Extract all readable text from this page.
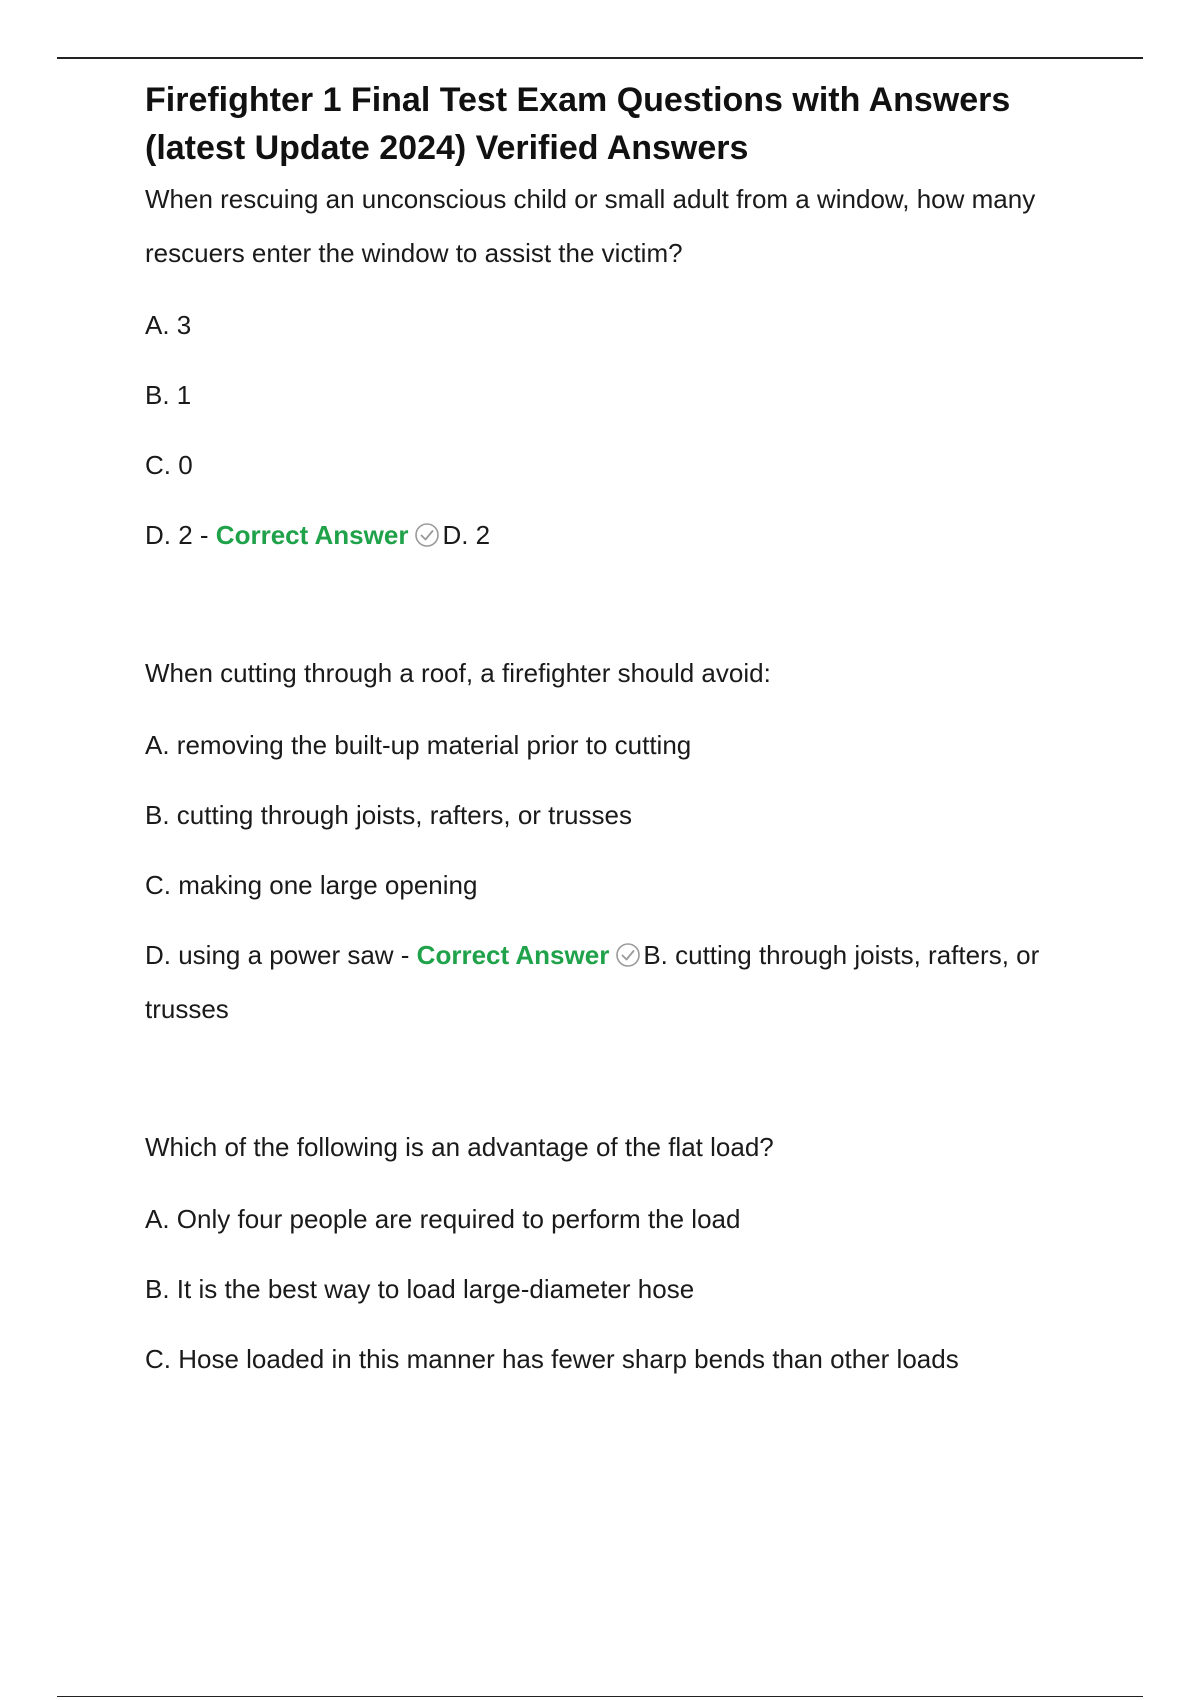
Firefighter 1 Final Test Exam Questions with Answers (latest Update 2024) Verified Answers

When rescuing an unconscious child or small adult from a window, how many rescuers enter the window to assist the victim?

A. 3

B. 1

C. 0

D. 2 - Correct Answer D. 2

When cutting through a roof, a firefighter should avoid:

A. removing the built-up material prior to cutting

B. cutting through joists, rafters, or trusses

C. making one large opening

D. using a power saw - Correct Answer B. cutting through joists, rafters, or trusses

Which of the following is an advantage of the flat load?

A. Only four people are required to perform the load

B. It is the best way to load large-diameter hose

C. Hose loaded in this manner has fewer sharp bends than other loads
